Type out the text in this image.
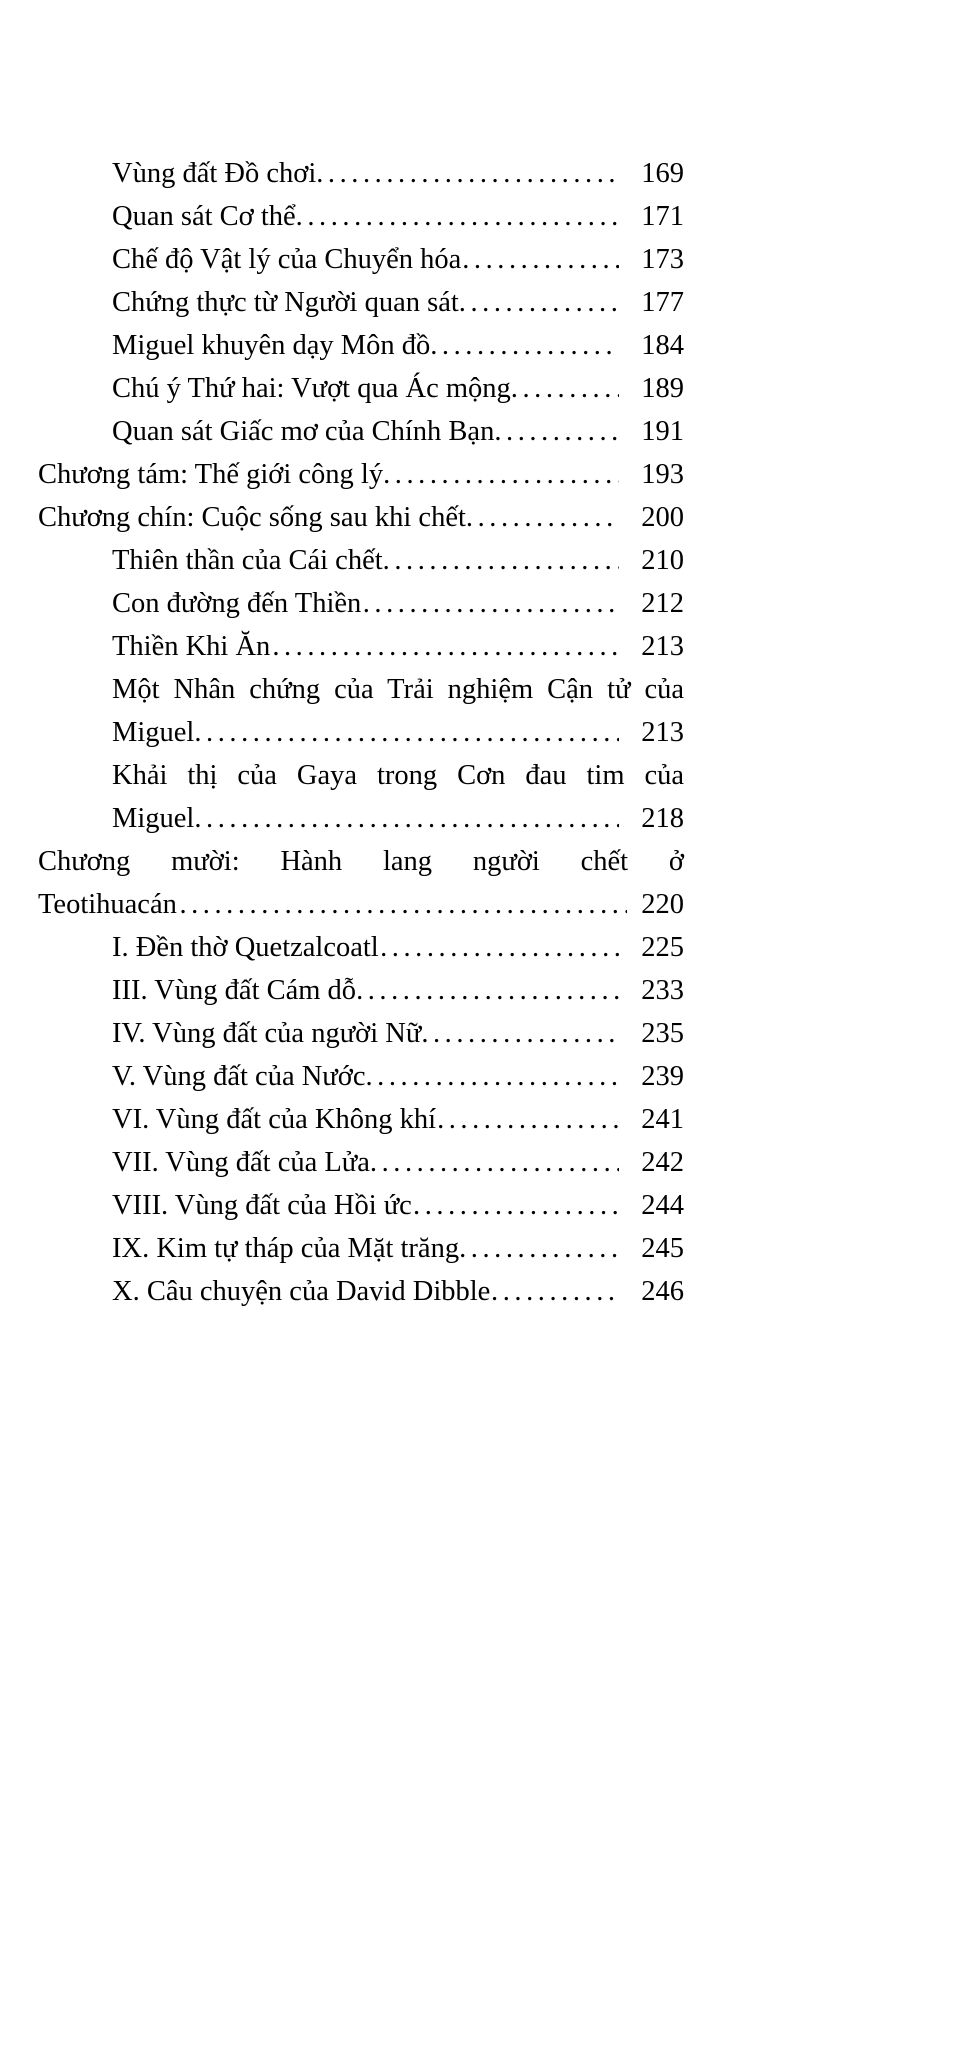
Vùng đất Đồ chơi .....	169
Quan sát Cơ thể .....	171
Chế độ Vật lý của Chuyển hóa .....	173
Chứng thực từ Người quan sát .....	177
Miguel khuyên dạy Môn đồ .....	184
Chú ý Thứ hai: Vượt qua Ác mộng .....	189
Quan sát Giấc mơ của Chính Bạn .....	191
Chương tám: Thế giới công lý .....	193
Chương chín: Cuộc sống sau khi chết .....	200
Thiên thần của Cái chết .....	210
Con đường đến Thiền .....	212
Thiền Khi Ăn .....	213
Một Nhân chứng của Trải nghiệm Cận tử của
Miguel .....	213
Khải thị của Gaya trong Cơn đau tim của
Miguel .....	218
Chương mười: Hành lang người chết ở
Teotihuacán .....	220
I. Đền thờ Quetzalcoatl .....	225
III. Vùng đất Cám dỗ .....	233
IV. Vùng đất của người Nữ .....	235
V. Vùng đất của Nước .....	239
VI. Vùng đất của Không khí .....	241
VII. Vùng đất của Lửa .....	242
VIII. Vùng đất của Hồi ức .....	244
IX. Kim tự tháp của Mặt trăng .....	245
X. Câu chuyện của David Dibble .....	246
